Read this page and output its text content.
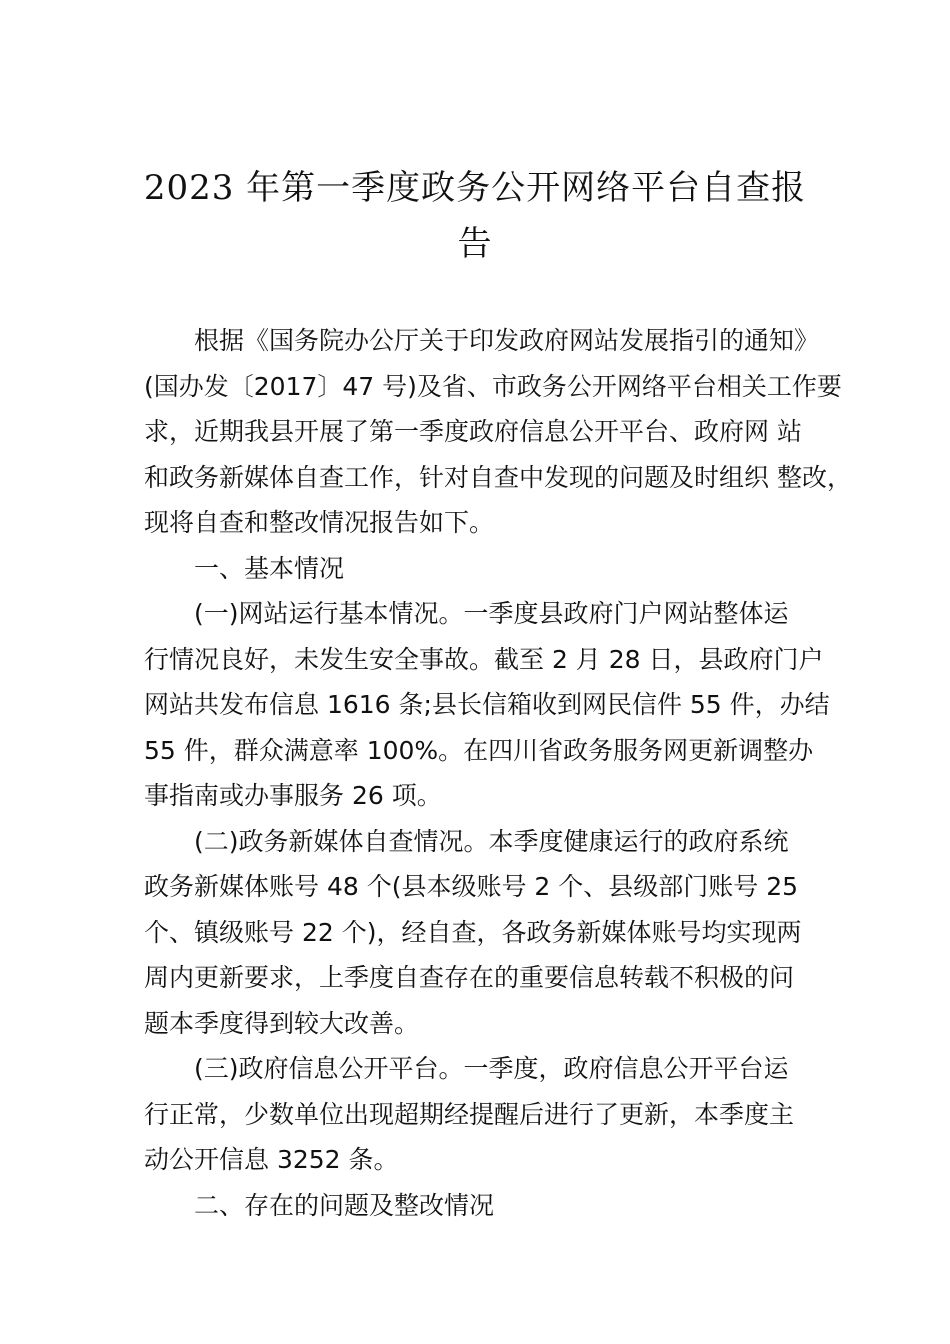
2023 年第一季度政务公开网络平台自查报
告

根据《国务院办公厅关于印发政府网站发展指引的通知》
(国办发〔2017〕47 号)及省、市政务公开网络平台相关工作要
求，近期我县开展了第一季度政府信息公开平台、政府网 站
和政务新媒体自查工作，针对自查中发现的问题及时组织 整改，
现将自查和整改情况报告如下。

一、基本情况

(一)网站运行基本情况。一季度县政府门户网站整体运
行情况良好，未发生安全事故。截至 2 月 28 日，县政府门户
网站共发布信息 1616 条;县长信箱收到网民信件 55 件，办结
55 件，群众满意率 100%。在四川省政务服务网更新调整办
事指南或办事服务 26 项。

(二)政务新媒体自查情况。本季度健康运行的政府系统
政务新媒体账号 48 个(县本级账号 2 个、县级部门账号 25
个、镇级账号 22 个)，经自查，各政务新媒体账号均实现两
周内更新要求，上季度自查存在的重要信息转载不积极的问
题本季度得到较大改善。

(三)政府信息公开平台。一季度，政府信息公开平台运
行正常，少数单位出现超期经提醒后进行了更新，本季度主
动公开信息 3252 条。

二、存在的问题及整改情况
